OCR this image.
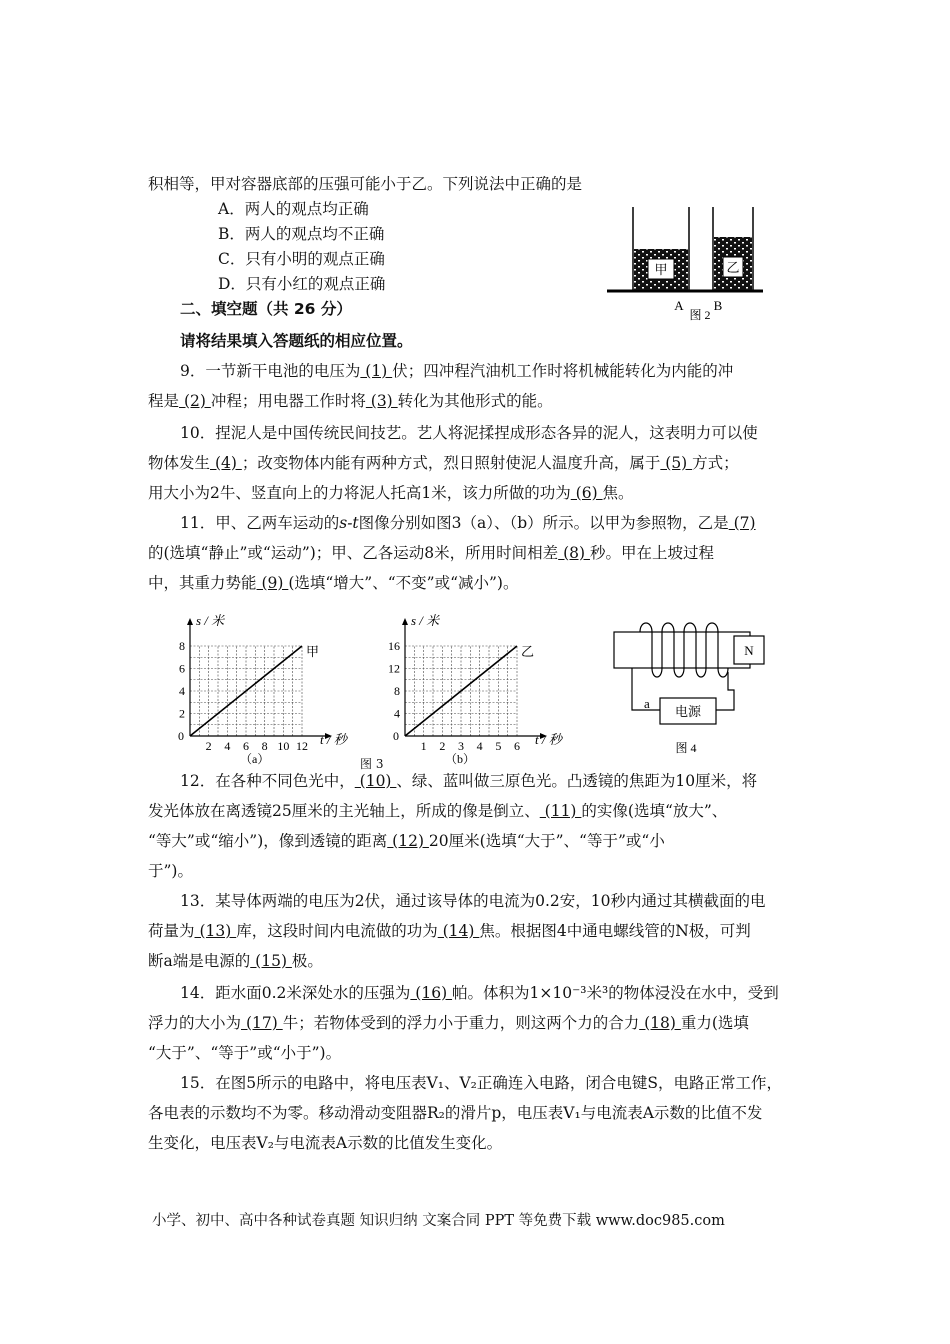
积相等，甲对容器底部的压强可能小于乙。下列说法中正确的是
A．两人的观点均正确
B．两人的观点均不正确
C．只有小明的观点正确
D．只有小红的观点正确
甲	乙
A B
图 2
二、填空题（共 26 分）
请将结果填入答题纸的相应位置。
9．一节新干电池的电压为 (1) 伏；四冲程汽油机工作时将机械能转化为内能的冲
程是 (2) 冲程；用电器工作时将 (3) 转化为其他形式的能。
10．捏泥人是中国传统民间技艺。艺人将泥揉捏成形态各异的泥人，这表明力可以使
物体发生 (4) ；改变物体内能有两种方式，烈日照射使泥人温度升高，属于 (5) 方式；
用大小为2牛、竖直向上的力将泥人托高1米，该力所做的功为 (6) 焦。
11．甲、乙两车运动的s-t图像分别如图3（a）、（b）所示。以甲为参照物，乙是 (7)
的(选填“静止”或“运动”)；甲、乙各运动8米，所用时间相差 (8) 秒。甲在上坡过程
中，其重力势能 (9) (选填“增大”、“不变”或“减小”)。
甲
0
2 4 6 8 10 12
2
4
6
8
s / 米
t / 秒
（a）
乙
0
1 2 3 4 5 6
4
8
12
16
s / 米
t / 秒
（b）
图 3
N
电源
a
图 4
12．在各种不同色光中， (10) 、绿、蓝叫做三原色光。凸透镜的焦距为10厘米，将
发光体放在离透镜25厘米的主光轴上，所成的像是倒立、 (11) 的实像(选填“放大”、
“等大”或“缩小”)，像到透镜的距离 (12) 20厘米(选填“大于”、“等于”或“小
于”)。
13．某导体两端的电压为2伏，通过该导体的电流为0.2安，10秒内通过其横截面的电
荷量为 (13) 库，这段时间内电流做的功为 (14) 焦。根据图4中通电螺线管的N极，可判
断a端是电源的 (15) 极。
14．距水面0.2米深处水的压强为 (16) 帕。体积为1×10⁻³米³的物体浸没在水中，受到
浮力的大小为 (17) 牛；若物体受到的浮力小于重力，则这两个力的合力 (18) 重力(选填
“大于”、“等于”或“小于”)。
15．在图5所示的电路中，将电压表V₁、V₂正确连入电路，闭合电键S，电路正常工作，
各电表的示数均不为零。移动滑动变阻器R₂的滑片p，电压表V₁与电流表A示数的比值不发
生变化，电压表V₂与电流表A示数的比值发生变化。
小学、初中、高中各种试卷真题 知识归纳 文案合同 PPT 等免费下载 www.doc985.com
